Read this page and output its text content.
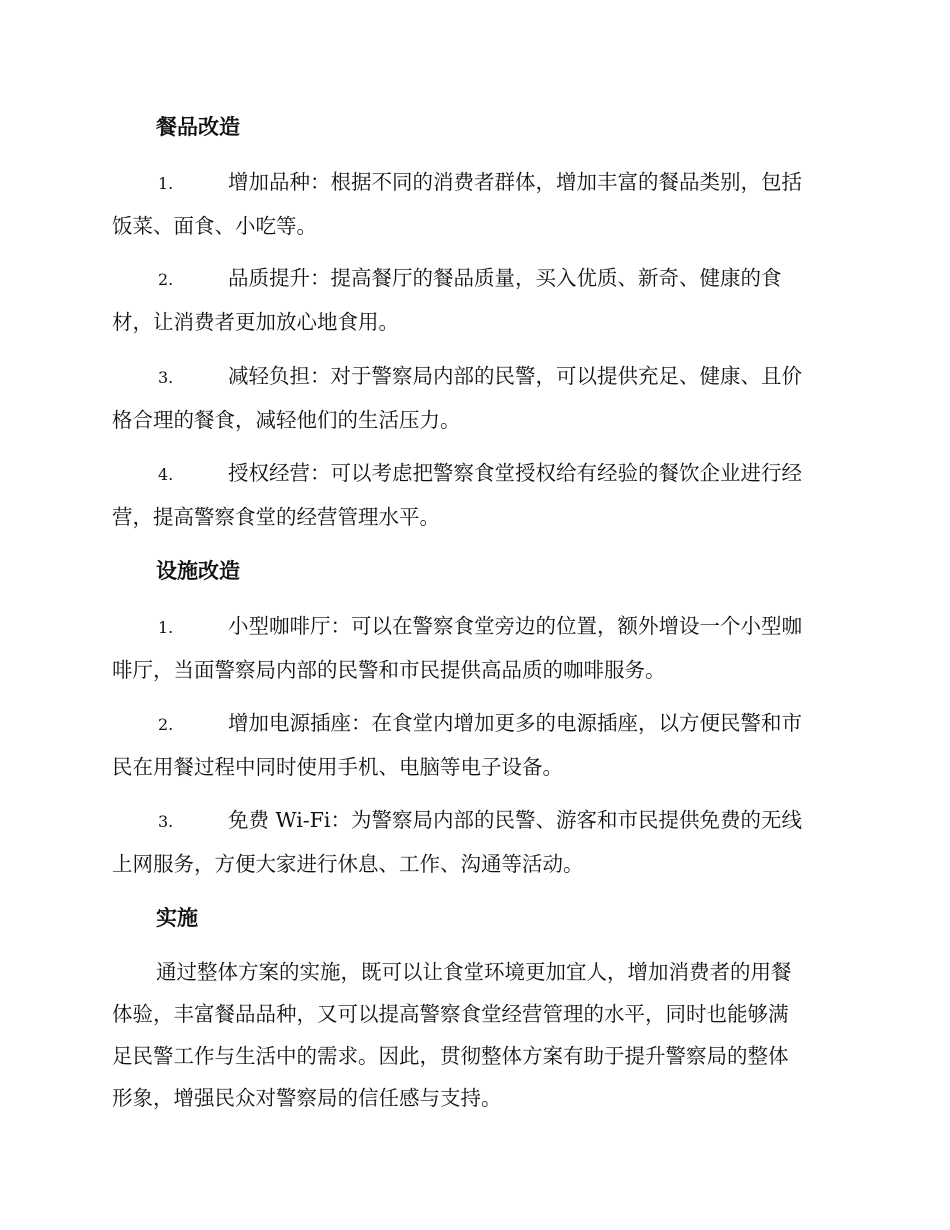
餐品改造
1.	增加品种：根据不同的消费者群体，增加丰富的餐品类别，包括
饭菜、面食、小吃等。
2.	品质提升：提高餐厅的餐品质量，买入优质、新奇、健康的食
材，让消费者更加放心地食用。
3.	减轻负担：对于警察局内部的民警，可以提供充足、健康、且价
格合理的餐食，减轻他们的生活压力。
4.	授权经营：可以考虑把警察食堂授权给有经验的餐饮企业进行经
营，提高警察食堂的经营管理水平。
设施改造
1.	小型咖啡厅：可以在警察食堂旁边的位置，额外增设一个小型咖
啡厅，当面警察局内部的民警和市民提供高品质的咖啡服务。
2.	增加电源插座：在食堂内增加更多的电源插座，以方便民警和市
民在用餐过程中同时使用手机、电脑等电子设备。
3.	免费 Wi-Fi：为警察局内部的民警、游客和市民提供免费的无线
上网服务，方便大家进行休息、工作、沟通等活动。
实施
通过整体方案的实施，既可以让食堂环境更加宜人，增加消费者的用餐
体验，丰富餐品品种，又可以提高警察食堂经营管理的水平，同时也能够满
足民警工作与生活中的需求。因此，贯彻整体方案有助于提升警察局的整体
形象，增强民众对警察局的信任感与支持。
